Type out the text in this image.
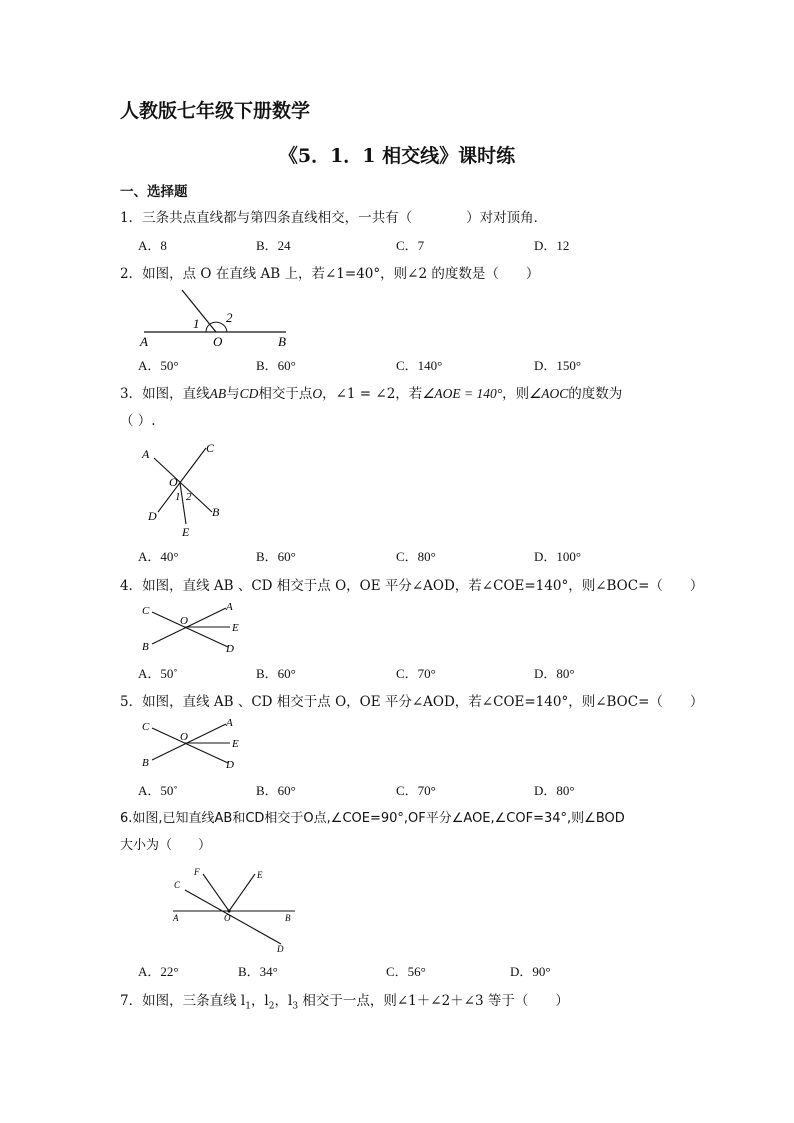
人教版七年级下册数学
《5．1．1 相交线》课时练
一、选择题
1．三条共点直线都与第四条直线相交，一共有（　　　　）对对顶角．
A．8	B．24	C．7	D．12
2．如图，点 O 在直线 AB 上，若∠1=40°，则∠2 的度数是（　　）
A	O	B
1 2
A．50°	B．60°	C．140°	D．150°
3．如图，直线AB与CD相交于点O，∠1 = ∠2，若∠AOE = 140°，则∠AOC的度数为
（ ）.
A	C
O
1 2
D	B
E
A．40°	B．60°	C．80°	D．100°
4．如图，直线 AB 、CD 相交于点 O，OE 平分∠AOD，若∠COE=140°，则∠BOC=（　　）
C	A
O
E
B	D
A．50˚	B．60°	C．70°	D．80°
5．如图，直线 AB 、CD 相交于点 O，OE 平分∠AOD，若∠COE=140°，则∠BOC=（　　）
C	A
O
E
B	D
A．50˚	B．60°	C．70°	D．80°
6.如图,已知直线AB和CD相交于O点,∠COE=90°,OF平分∠AOE,∠COF=34°,则∠BOD
大小为（　　）
F	E
C
A	O	B
D
A．22°	B．34°	C．56°	D．90°
7．如图，三条直线 $l_1$，$l_2$，$l_3$ 相交于一点，则∠1＋∠2＋∠3 等于（　　）
